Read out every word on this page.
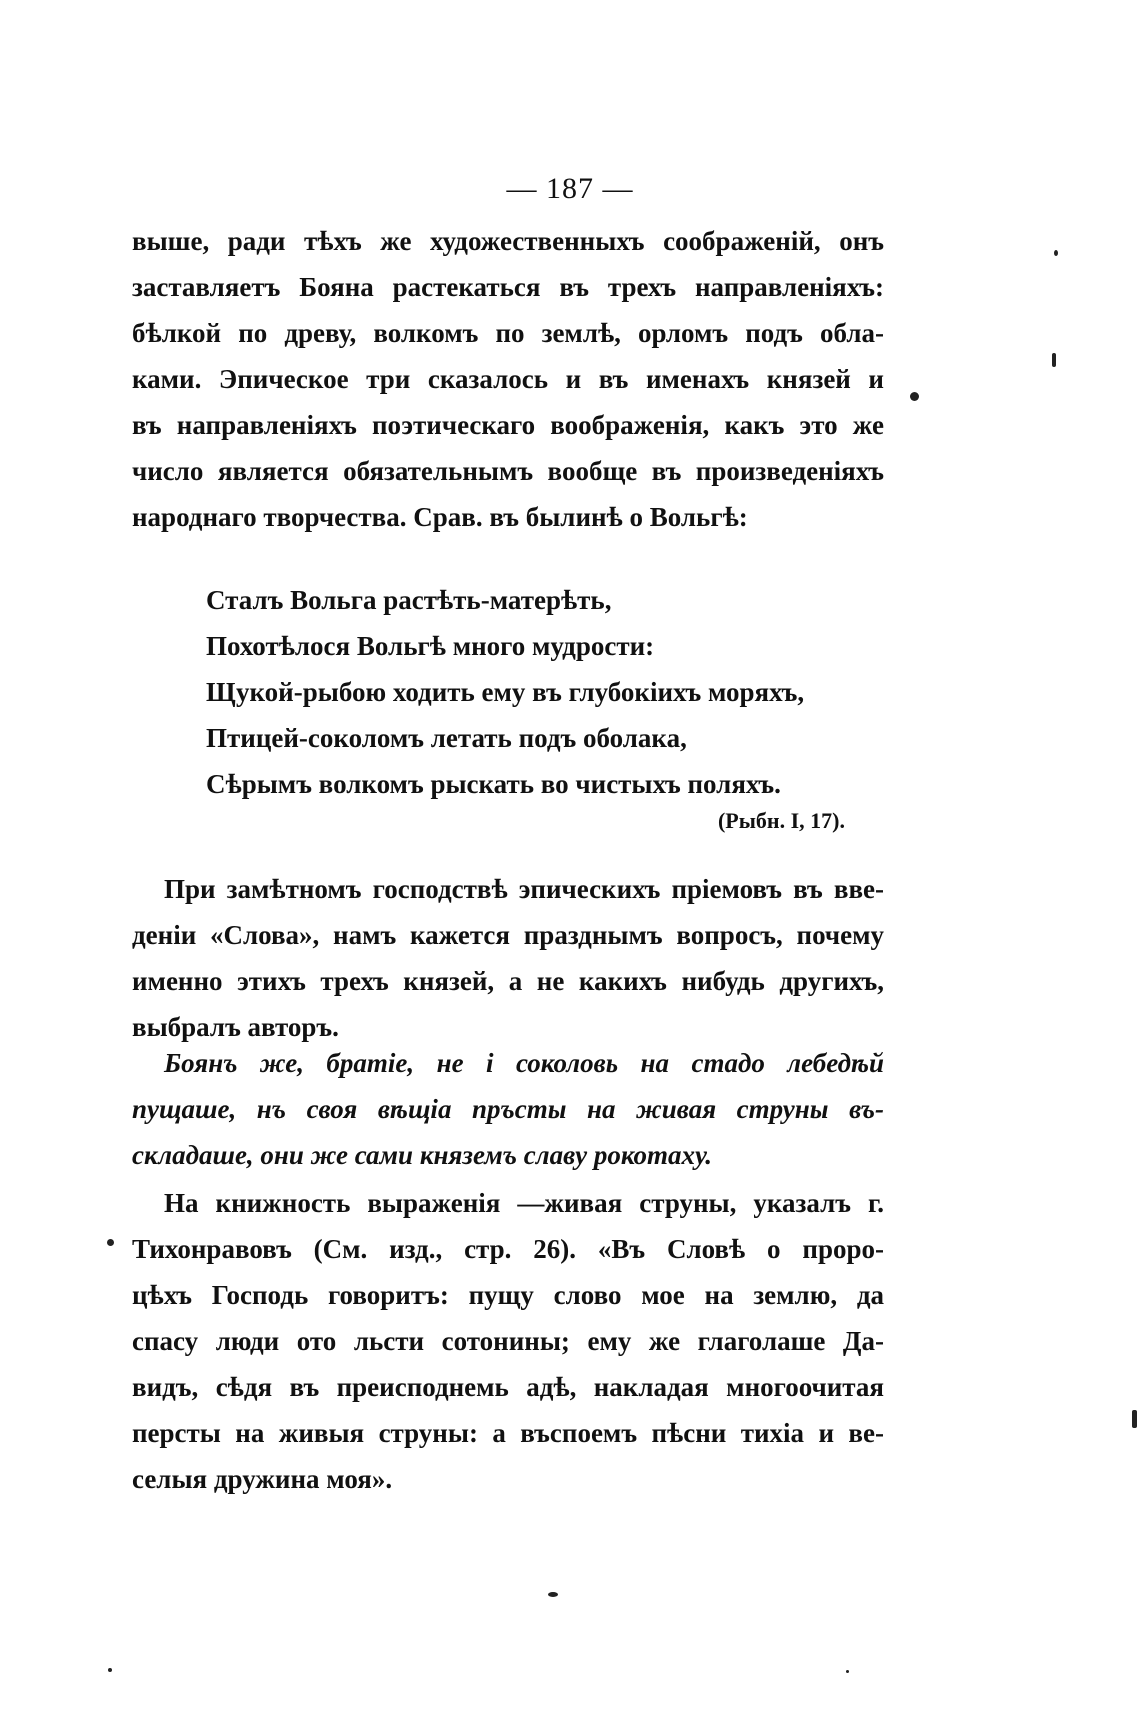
— 187 —
выше, ради тѣхъ же художественныхъ соображеній, онъ
заставляетъ Бояна растекаться въ трехъ направленіяхъ:
бѣлкой по древу, волкомъ по землѣ, орломъ подъ обла-
ками. Эпическое три сказалось и въ именахъ князей и
въ направленіяхъ поэтическаго воображенія, какъ это же
число является обязательнымъ вообще въ произведеніяхъ
народнаго творчества. Срав. въ былинѣ о Вольгѣ:
Сталъ Вольга растѣть-матерѣть,
Похотѣлося Вольгѣ много мудрости:
Щукой-рыбою ходить ему въ глубокіихъ моряхъ,
Птицей-соколомъ летать подъ оболака,
Сѣрымъ волкомъ рыскать во чистыхъ поляхъ.
(Рыбн. I, 17).
При замѣтномъ господствѣ эпическихъ пріемовъ въ вве-
деніи «Слова», намъ кажется празднымъ вопросъ, почему
именно этихъ трехъ князей, а не какихъ нибудь другихъ,
выбралъ авторъ.
Боянъ же, братіе, не і соколовь на стадо лебедѣй
пущаше, нъ своя вѣщіа пръсты на живая струны въ-
складаше, они же сами княземъ славу рокотаху.
На книжность выраженія —живая струны, указалъ г.
Тихонравовъ (См. изд., стр. 26). «Въ Словѣ о проро-
цѣхъ Господь говоритъ: пущу слово мое на землю, да
спасу люди ото льсти сотонины; ему же глаголаше Да-
видъ, сѣдя въ преисподнемь адѣ, накладая многоочитая
персты на живыя струны: а въспоемъ пѣсни тихіа и ве-
селыя дружина моя».
